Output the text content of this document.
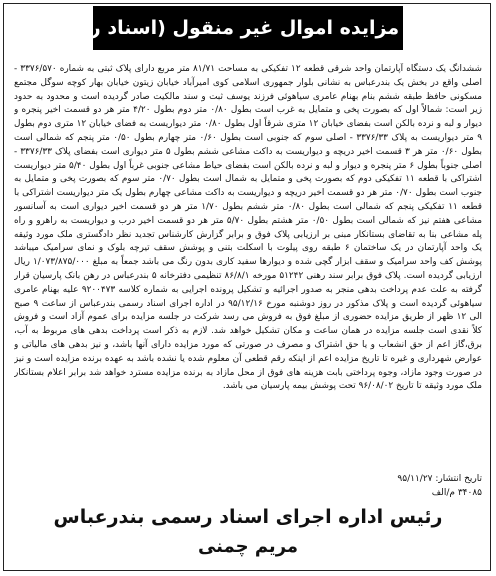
آگهی مزایده اموال غیر منقول (اسناد رهنی)

ششدانگ یک دستگاه آپارتمان واحد شرقی قطعه ۱۲ تفکیکی به مساحت ۸۱/۷۱ متر مربع دارای پلاک ثبتی به شماره ۳۳۷۶/۵۷۰ - اصلی واقع در بخش یک بندرعباس به نشانی بلوار جمهوری اسلامی کوی امیرآباد خیابان زیتون خیابان بهار کوچه سوگل مجتمع مسکونی حافظ طبقه ششم بنام بهنام عامری سیاهوئی فرزند یوسف ثبت و سند مالکیت صادر گردیده است و محدود به حدود زیر است: شمالاً اول که بصورت پخی و متمایل به غرب است بطول ۰/۸۰ متر دوم بطول ۴/۲۰ متر هر دو قسمت اخیر پنجره و دیوار و لبه و نرده بالکن است بفضای خیابان ۱۲ متری شرقاً اول بطول ۰/۸۰ متر دیواریست به فضای خیابان ۱۲ متری دوم بطول ۹ متر دیواریست به پلاک ۳۳۷۶/۳۳ - اصلی سوم که جنوبی است بطول ۰/۶۰ متر چهارم بطول ۰/۵۰ متر پنجم که شمالی است بطول ۰/۶۰ متر هر ۳ قسمت اخیر دریچه و دیواریست به داکت مشاعی ششم بطول ۵ متر دیواری است بفضای پلاک ۳۳۷۶/۳۳ - اصلی جنوباً بطول ۶ متر پنجره و دیوار و لبه و نرده بالکن است بفضای حیاط مشاعی جنوبی غرباً اول بطول ۵/۴۰ متر دیواریست اشتراکی با قطعه ۱۱ تفکیکی دوم که بصورت پخی و متمایل به شمال است بطول ۰/۷۰ متر سوم که بصورت پخی و متمایل به جنوب است بطول ۰/۷۰ متر هر دو قسمت اخیر دریچه و دیواریست به داکت مشاعی چهارم بطول یک متر دیواریست اشتراکی با قطعه ۱۱ تفکیکی پنجم که شمالی است بطول ۰/۸۰ متر ششم بطول ۱/۷۰ متر هر دو قسمت اخیر دیواری است به آسانسور مشاعی هفتم نیز که شمالی است بطول ۰/۵۰ متر هشتم بطول ۵/۷۰ متر هر دو قسمت اخیر درب و دیواریست به راهرو و راه پله مشاعی بنا به تقاضای بستانکار مبنی بر ارزیابی پلاک فوق و برابر گزارش کارشناس تجدید نظر دادگستری ملک مورد وثیقه یک واحد آپارتمان در یک ساختمان ۶ طبقه روی پیلوت با اسکلت بتنی و پوشش سقف تیرچه بلوک و نمای سرامیک میباشد پوشش کف واحد سرامیک و سقف ابزار گچی شده و دیوارها سفید کاری بدون رنگ می باشد جمعاً به مبلغ ۱/۰۷۳/۸۷۵/۰۰۰ ریال ارزیابی گردیده است. پلاک فوق برابر سند رهنی ۵۱۲۴۲ مورخه ۸۶/۸/۱ تنظیمی دفترخانه ۵ بندرعباس در رهن بانک پارسیان قرار گرفته به علت عدم پرداخت بدهی منجر به صدور اجرائیه و تشکیل پرونده اجرایی به شماره کلاسه ۹۲۰۰۴۷۳ علیه بهنام عامری سیاهوئی گردیده است و پلاک مذکور در روز دوشنبه مورخ ۹۵/۱۲/۱۶ در اداره اجرای اسناد رسمی بندرعباس از ساعت ۹ صبح الی ۱۲ ظهر از طریق مزایده حضوری از مبلغ فوق به فروش می رسد شرکت در جلسه مزایده برای عموم آزاد است و فروش کلاً نقدی است جلسه مزایده در همان ساعت و مکان تشکیل خواهد شد. لازم به ذکر است پرداخت بدهی های مربوط به آب، برق،گاز اعم از حق انشعاب و یا حق اشتراک و مصرف در صورتی که مورد مزایده دارای آنها باشد، و نیز بدهی های مالیاتی و عوارض شهرداری و غیره تا تاریخ مزایده اعم از اینکه رقم قطعی آن معلوم شده یا نشده باشد به عهده برنده مزایده است و نیز در صورت وجود مازاد، وجوه پرداختی بابت هزینه های فوق از محل مازاد به برنده مزایده مسترد خواهد شد برابر اعلام بستانکار ملک مورد وثیقه تا تاریخ ۹۶/۰۸/۰۲ تحت پوشش بیمه پارسیان می باشد.

۳۴۰۸۵ م/الف
تاریخ انتشار: ۹۵/۱۱/۲۷
رئیس اداره اجرای اسناد رسمی بندرعباس
مریم چمنی
